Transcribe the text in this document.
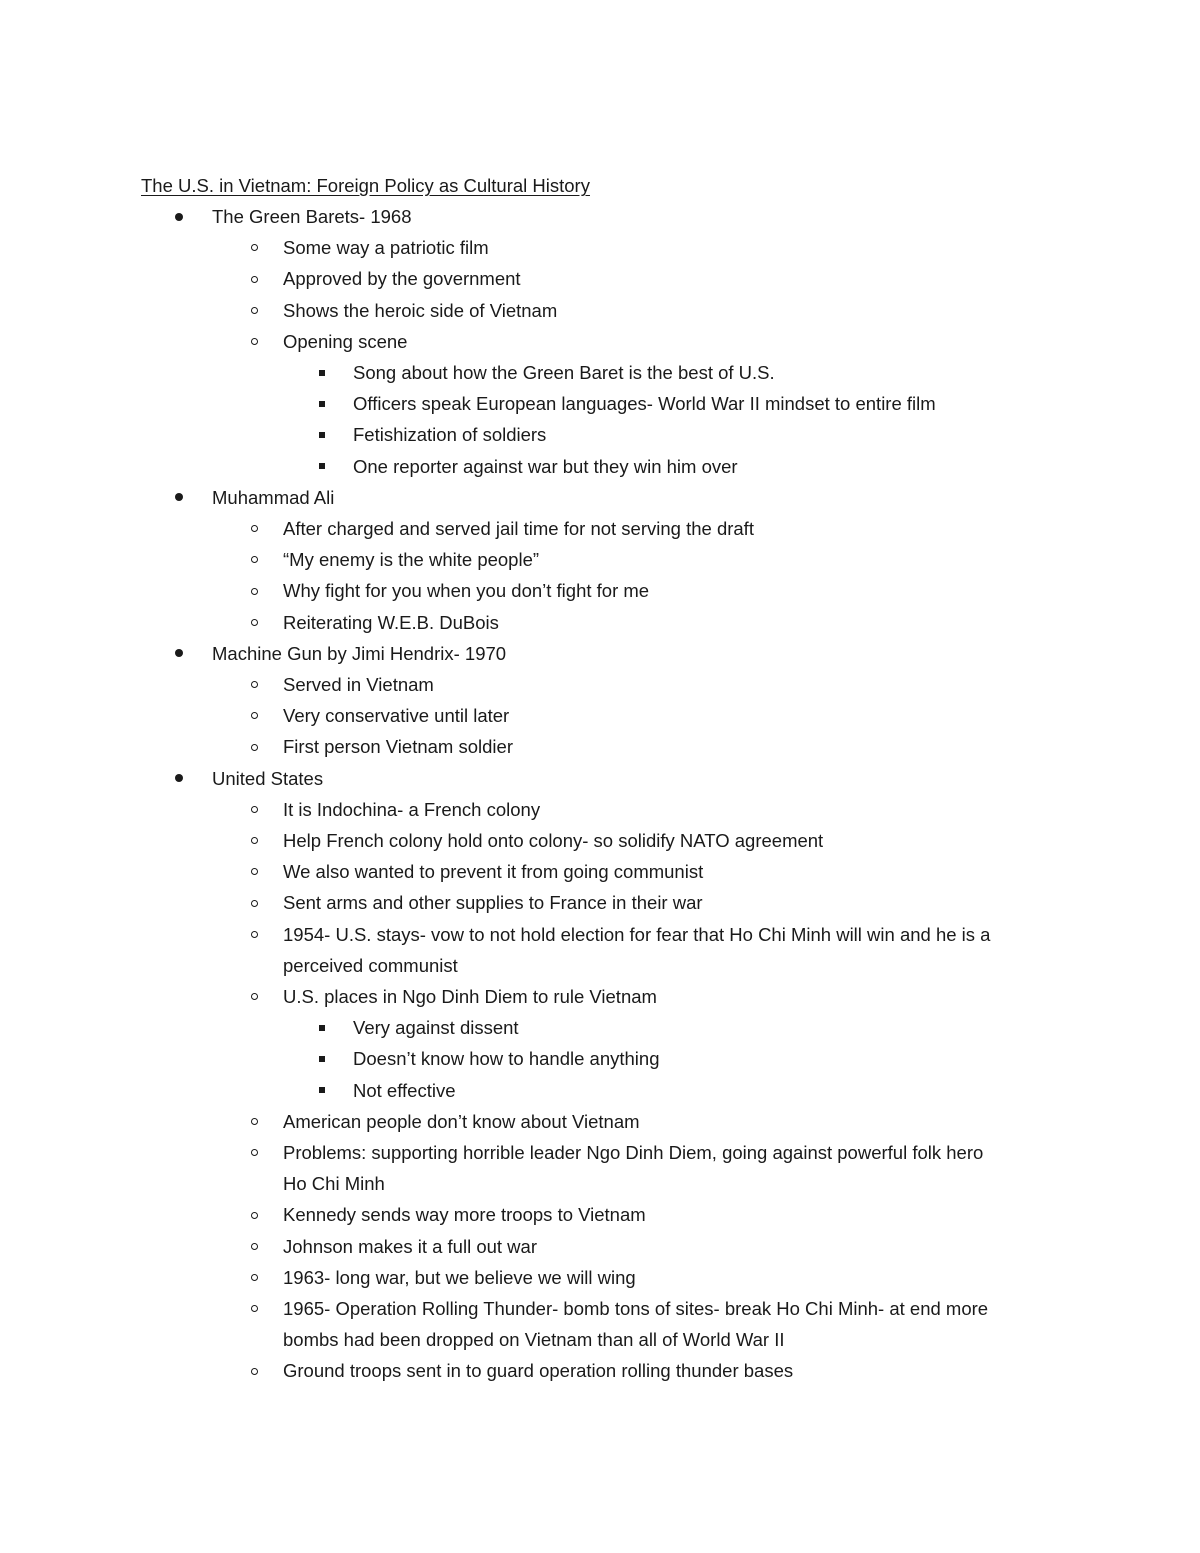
The U.S. in Vietnam: Foreign Policy as Cultural History
The Green Barets- 1968
Some way a patriotic film
Approved by the government
Shows the heroic side of Vietnam
Opening scene
Song about how the Green Baret is the best of U.S.
Officers speak European languages- World War II mindset to entire film
Fetishization of soldiers
One reporter against war but they win him over
Muhammad Ali
After charged and served jail time for not serving the draft
“My enemy is the white people”
Why fight for you when you don’t fight for me
Reiterating W.E.B. DuBois
Machine Gun by Jimi Hendrix- 1970
Served in Vietnam
Very conservative until later
First person Vietnam soldier
United States
It is Indochina- a French colony
Help French colony hold onto colony- so solidify NATO agreement
We also wanted to prevent it from going communist
Sent arms and other supplies to France in their war
1954- U.S. stays- vow to not hold election for fear that Ho Chi Minh will win and he is a
perceived communist
U.S. places in Ngo Dinh Diem to rule Vietnam
Very against dissent
Doesn’t know how to handle anything
Not effective
American people don’t know about Vietnam
Problems: supporting horrible leader Ngo Dinh Diem, going against powerful folk hero
Ho Chi Minh
Kennedy sends way more troops to Vietnam
Johnson makes it a full out war
1963- long war, but we believe we will wing
1965- Operation Rolling Thunder- bomb tons of sites- break Ho Chi Minh- at end more
bombs had been dropped on Vietnam than all of World War II
Ground troops sent in to guard operation rolling thunder bases
